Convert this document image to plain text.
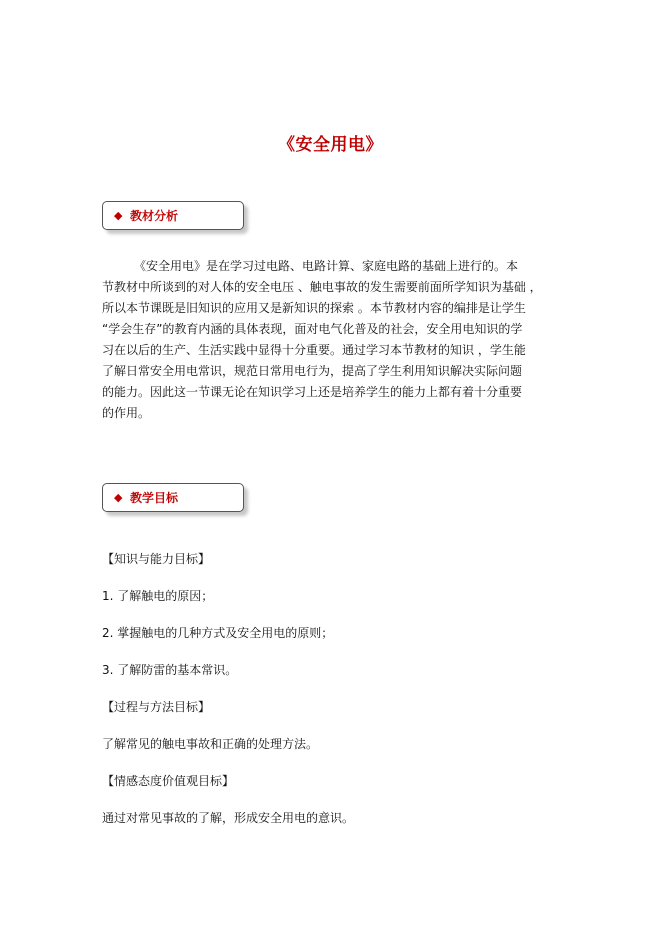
《安全用电》
◆ 教材分析
《安全用电》是在学习过电路、电路计算、家庭电路的基础上进行的。本
节教材中所谈到的对人体的安全电压 、触电事故的发生需要前面所学知识为基础 ，
所以本节课既是旧知识的应用又是新知识的探索 。本节教材内容的编排是让学生
“学会生存”的教育内涵的具体表现，面对电气化普及的社会，安全用电知识的学
习在以后的生产、生活实践中显得十分重要。通过学习本节教材的知识 ，学生能
了解日常安全用电常识，规范日常用电行为，提高了学生利用知识解决实际问题
的能力。因此这一节课无论在知识学习上还是培养学生的能力上都有着十分重要
的作用。
◆ 教学目标
【知识与能力目标】
1. 了解触电的原因；
2. 掌握触电的几种方式及安全用电的原则；
3. 了解防雷的基本常识。
【过程与方法目标】
了解常见的触电事故和正确的处理方法。
【情感态度价值观目标】
通过对常见事故的了解，形成安全用电的意识。
